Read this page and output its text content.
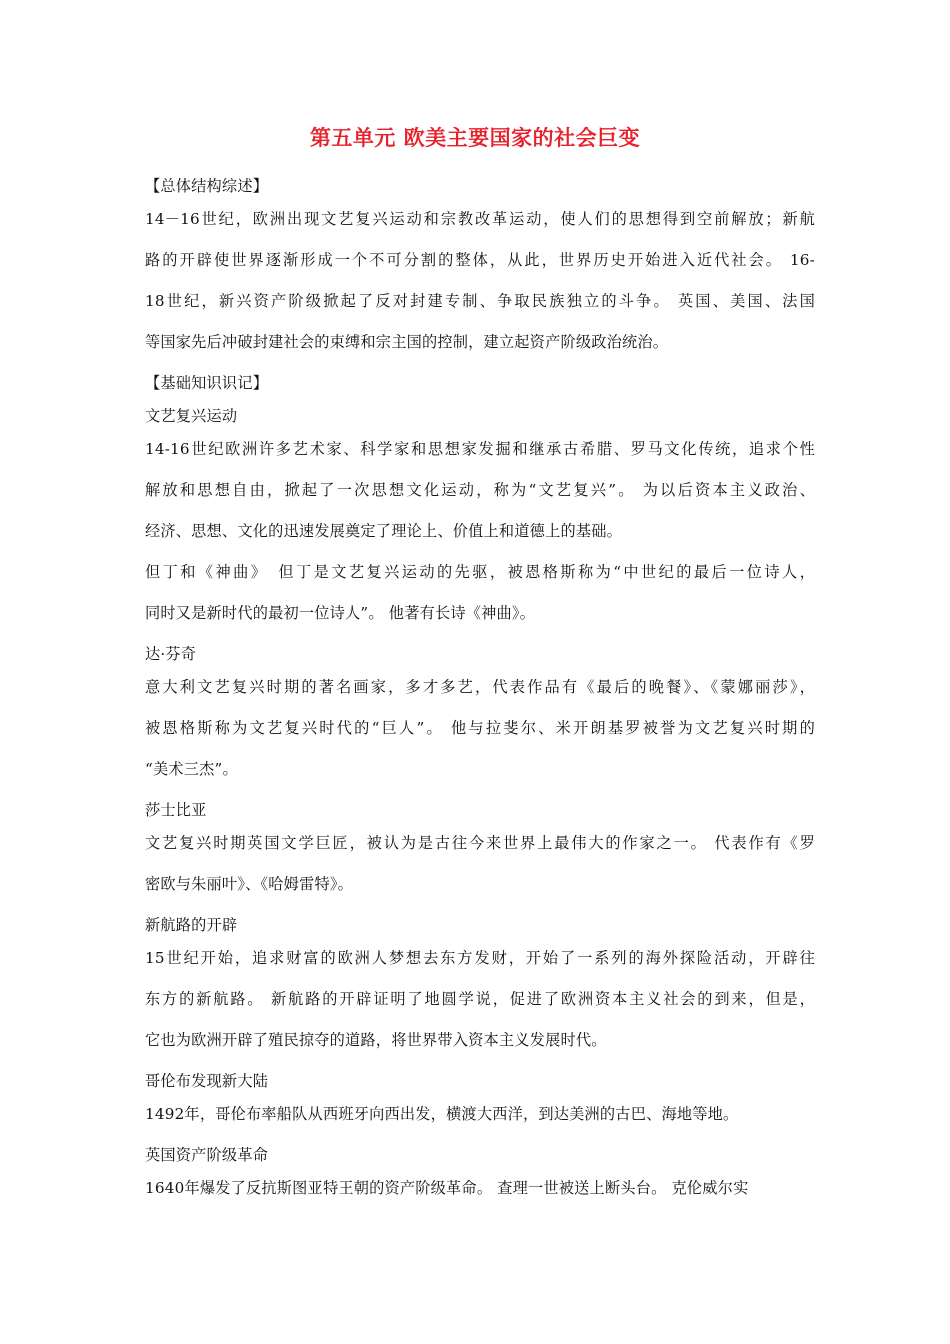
第五单元 欧美主要国家的社会巨变
【总体结构综述】
14－16世纪，欧洲出现文艺复兴运动和宗教改革运动，使人们的思想得到空前解放；新航
路的开辟使世界逐渐形成一个不可分割的整体，从此，世界历史开始进入近代社会。 16-
18世纪，新兴资产阶级掀起了反对封建专制、争取民族独立的斗争。 英国、美国、法国
等国家先后冲破封建社会的束缚和宗主国的控制，建立起资产阶级政治统治。
【基础知识识记】
文艺复兴运动
14-16世纪欧洲许多艺术家、科学家和思想家发掘和继承古希腊、罗马文化传统，追求个性
解放和思想自由，掀起了一次思想文化运动，称为“文艺复兴”。 为以后资本主义政治、
经济、思想、文化的迅速发展奠定了理论上、价值上和道德上的基础。
但丁和《神曲》　但丁是文艺复兴运动的先驱，被恩格斯称为“中世纪的最后一位诗人，
同时又是新时代的最初一位诗人”。 他著有长诗《神曲》。
达·芬奇
意大利文艺复兴时期的著名画家，多才多艺，代表作品有《最后的晚餐》、《蒙娜丽莎》，
被恩格斯称为文艺复兴时代的“巨人”。 他与拉斐尔、米开朗基罗被誉为文艺复兴时期的
“美术三杰”。
莎士比亚
文艺复兴时期英国文学巨匠，被认为是古往今来世界上最伟大的作家之一。 代表作有《罗
密欧与朱丽叶》、《哈姆雷特》。
新航路的开辟
15世纪开始，追求财富的欧洲人梦想去东方发财，开始了一系列的海外探险活动，开辟往
东方的新航路。 新航路的开辟证明了地圆学说，促进了欧洲资本主义社会的到来，但是，
它也为欧洲开辟了殖民掠夺的道路，将世界带入资本主义发展时代。
哥伦布发现新大陆
1492年，哥伦布率船队从西班牙向西出发，横渡大西洋，到达美洲的古巴、海地等地。
英国资产阶级革命
1640年爆发了反抗斯图亚特王朝的资产阶级革命。 查理一世被送上断头台。 克伦威尔实
